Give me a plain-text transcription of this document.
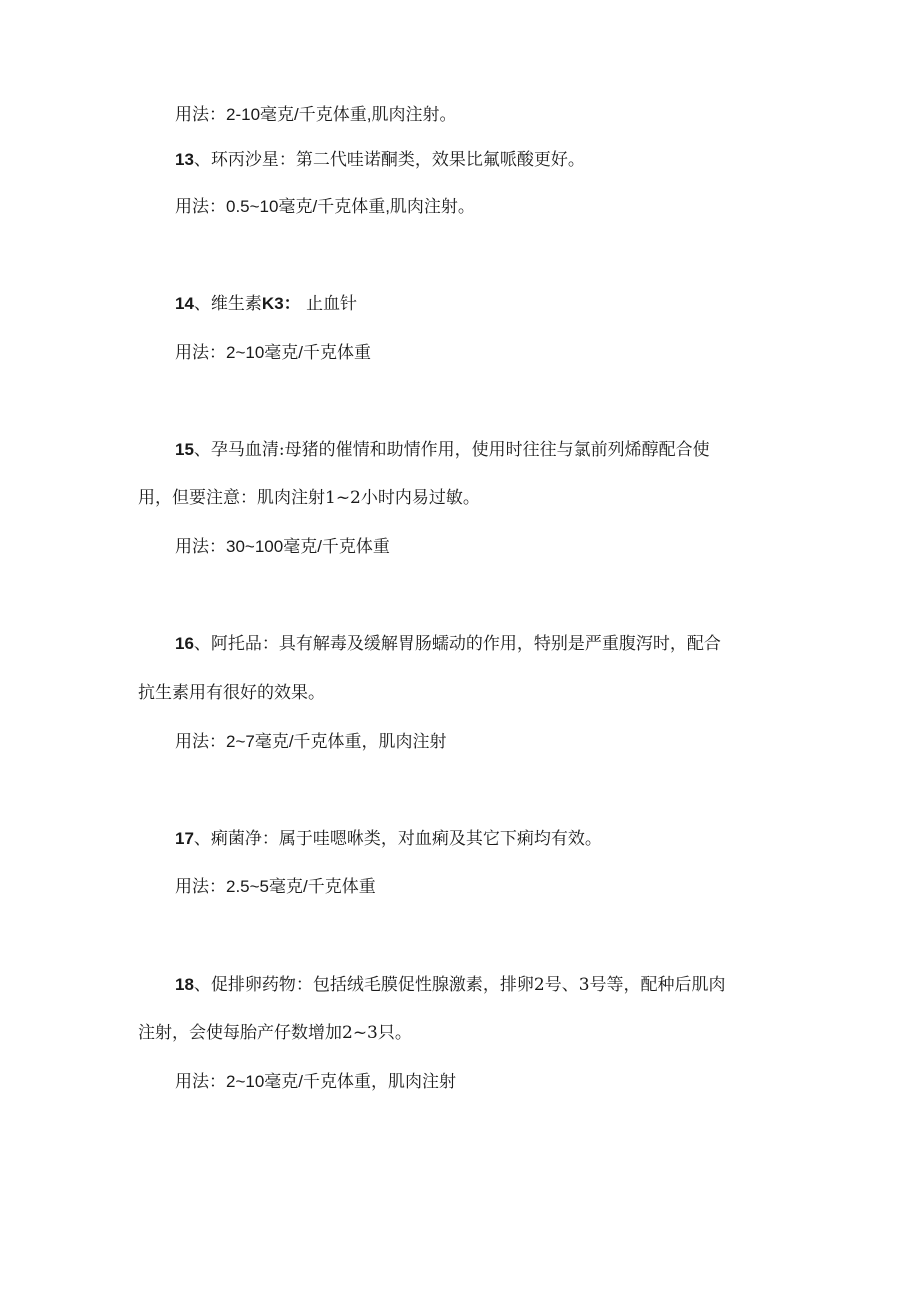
用法：2-10毫克/千克体重,肌肉注射。
13、环丙沙星：第二代哇诺酮类，效果比氟哌酸更好。
用法：0.5~10毫克/千克体重,肌肉注射。
14、维生素K3： 止血针
用法：2~10毫克/千克体重
15、孕马血清:母猪的催情和助情作用，使用时往往与氯前列烯醇配合使
用，但要注意：肌肉注射1~2小时内易过敏。
用法：30~100毫克/千克体重
16、阿托品：具有解毒及缓解胃肠蠕动的作用，特别是严重腹泻时，配合
抗生素用有很好的效果。
用法：2~7毫克/千克体重，肌肉注射
17、痢菌净：属于哇嗯咻类，对血痢及其它下痢均有效。
用法：2.5~5毫克/千克体重
18、促排卵药物：包括绒毛膜促性腺激素，排卵2号、3号等，配种后肌肉
注射，会使每胎产仔数增加2~3只。
用法：2~10毫克/千克体重，肌肉注射
